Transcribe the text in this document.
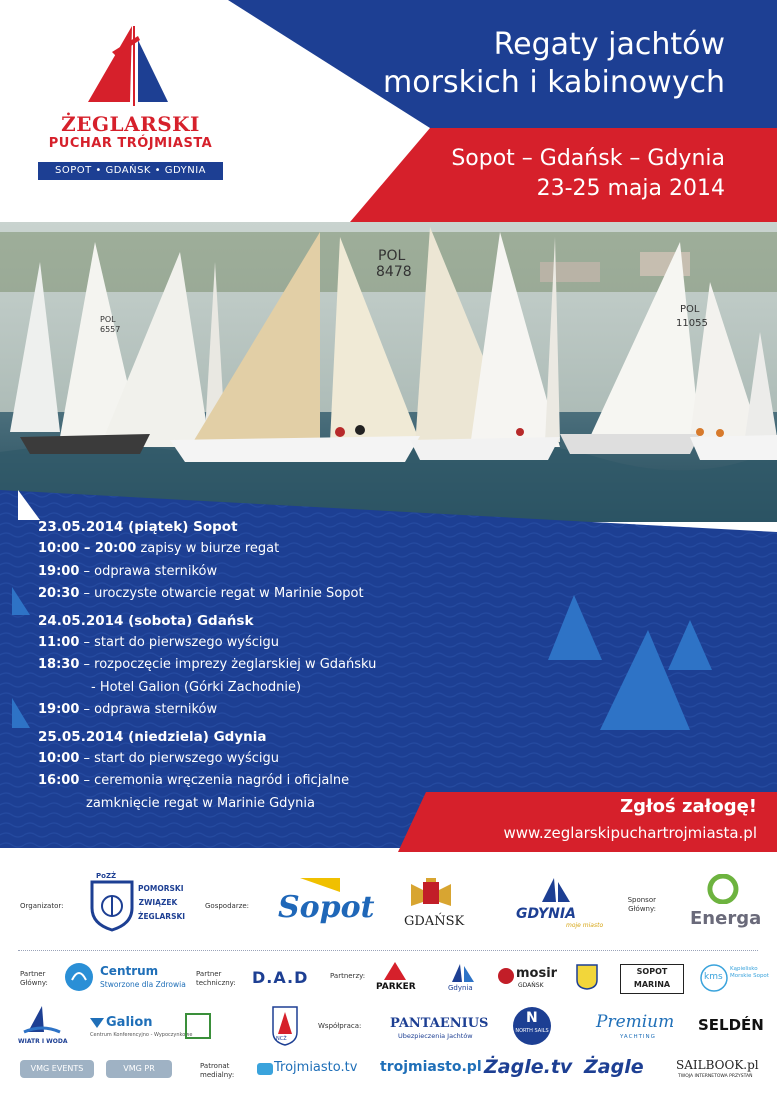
Regaty jachtów
morskich i kabinowych
Sopot – Gdańsk – Gdynia
23-25 maja 2014
ŻEGLARSKI
PUCHAR TRÓJMIASTA
SOPOT • GDAŃSK • GDYNIA
POL
8478
POL
11055
POL
6557
23.05.2014 (piątek) Sopot
10:00 – 20:00 zapisy w biurze regat
19:00 – odprawa sterników
20:30 – uroczyste otwarcie regat w Marinie Sopot
24.05.2014 (sobota) Gdańsk
11:00 – start do pierwszego wyścigu
18:30 – rozpoczęcie imprezy żeglarskiej w Gdańsku
- Hotel Galion (Górki Zachodnie)
19:00 – odprawa sterników
25.05.2014 (niedziela) Gdynia
10:00 – start do pierwszego wyścigu
16:00 – ceremonia wręczenia nagród i oficjalne
zamknięcie regat w Marinie Gdynia	Zgłoś załogę!
www.zeglarskipuchartrojmiasta.pl
Organizator:
PoZŻ
POMORSKI ZWIĄZEK ŻEGLARSKI
Gospodarze: Sopot GDAŃSK	GDYNIA
moje miasto
Sponsor
Główny: Energa
Partner
Główny:
Centrum
Stworzone dla Zdrowia
Partner
techniczny: D.A.D	Partnerzy:
PARKER	Gdynia
mosir
GDAŃSK
SOPOT
MARINA
kms
Kąpielisko Morskie Sopot
WIATR I WODA
Galion
Centrum Konferencyjno - Wypoczynkowe
NCŻ
Współpraca: PANTAENIUS
Ubezpieczenia Jachtów
N
NORTH SAILS	Premium
YACHTING
SELDÉN
VMG EVENTS	VMG PR	Patronat
medialny:	Trojmiasto.tv trojmiasto.pl Żagle.tv Żagle	SAILBOOK.pl
TWOJA INTERNETOWA PRZYSTAŃ
